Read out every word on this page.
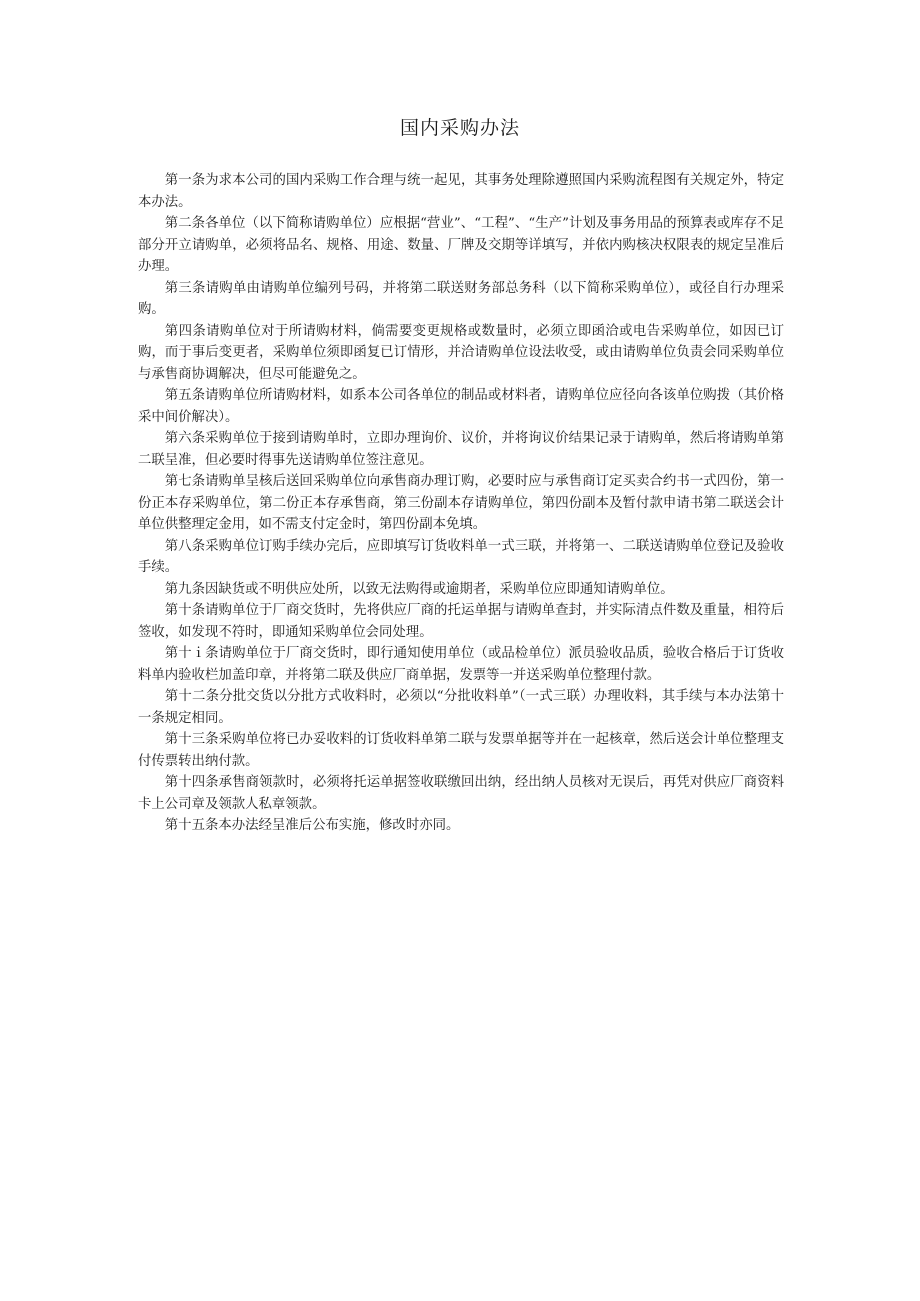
国内采购办法

第一条为求本公司的国内采购工作合理与统一起见，其事务处理除遵照国内采购流程图有关规定外，特定本办法。

第二条各单位（以下简称请购单位）应根据“营业”、“工程”、“生产”计划及事务用品的预算表或库存不足部分开立请购单，必须将品名、规格、用途、数量、厂牌及交期等详填写，并依内购核决权限表的规定呈准后办理。

第三条请购单由请购单位编列号码，并将第二联送财务部总务科（以下简称采购单位），或径自行办理采购。

第四条请购单位对于所请购材料，倘需要变更规格或数量时，必须立即函洽或电告采购单位，如因已订购，而于事后变更者，采购单位须即函复已订情形，并洽请购单位设法收受，或由请购单位负责会同采购单位与承售商协调解决，但尽可能避免之。

第五条请购单位所请购材料，如系本公司各单位的制品或材料者，请购单位应径向各该单位购拨（其价格采中间价解决）。

第六条采购单位于接到请购单时，立即办理询价、议价，并将询议价结果记录于请购单，然后将请购单第二联呈准，但必要时得事先送请购单位签注意见。

第七条请购单呈核后送回采购单位向承售商办理订购，必要时应与承售商订定买卖合约书一式四份，第一份正本存采购单位，第二份正本存承售商，第三份副本存请购单位，第四份副本及暂付款申请书第二联送会计单位供整理定金用，如不需支付定金时，第四份副本免填。

第八条采购单位订购手续办完后，应即填写订货收料单一式三联，并将第一、二联送请购单位登记及验收手续。

第九条因缺货或不明供应处所，以致无法购得或逾期者，采购单位应即通知请购单位。

第十条请购单位于厂商交货时，先将供应厂商的托运单据与请购单查封，并实际清点件数及重量，相符后签收，如发现不符时，即通知采购单位会同处理。

第十ｉ条请购单位于厂商交货时，即行通知使用单位（或品检单位）派员验收品质，验收合格后于订货收料单内验收栏加盖印章，并将第二联及供应厂商单据，发票等一并送采购单位整理付款。

第十二条分批交货以分批方式收料时，必须以“分批收料单”（一式三联）办理收料，其手续与本办法第十一条规定相同。

第十三条采购单位将已办妥收料的订货收料单第二联与发票单据等并在一起核章，然后送会计单位整理支付传票转出纳付款。

第十四条承售商领款时，必须将托运单据签收联缴回出纳，经出纳人员核对无误后，再凭对供应厂商资料卡上公司章及领款人私章领款。

第十五条本办法经呈准后公布实施，修改时亦同。
